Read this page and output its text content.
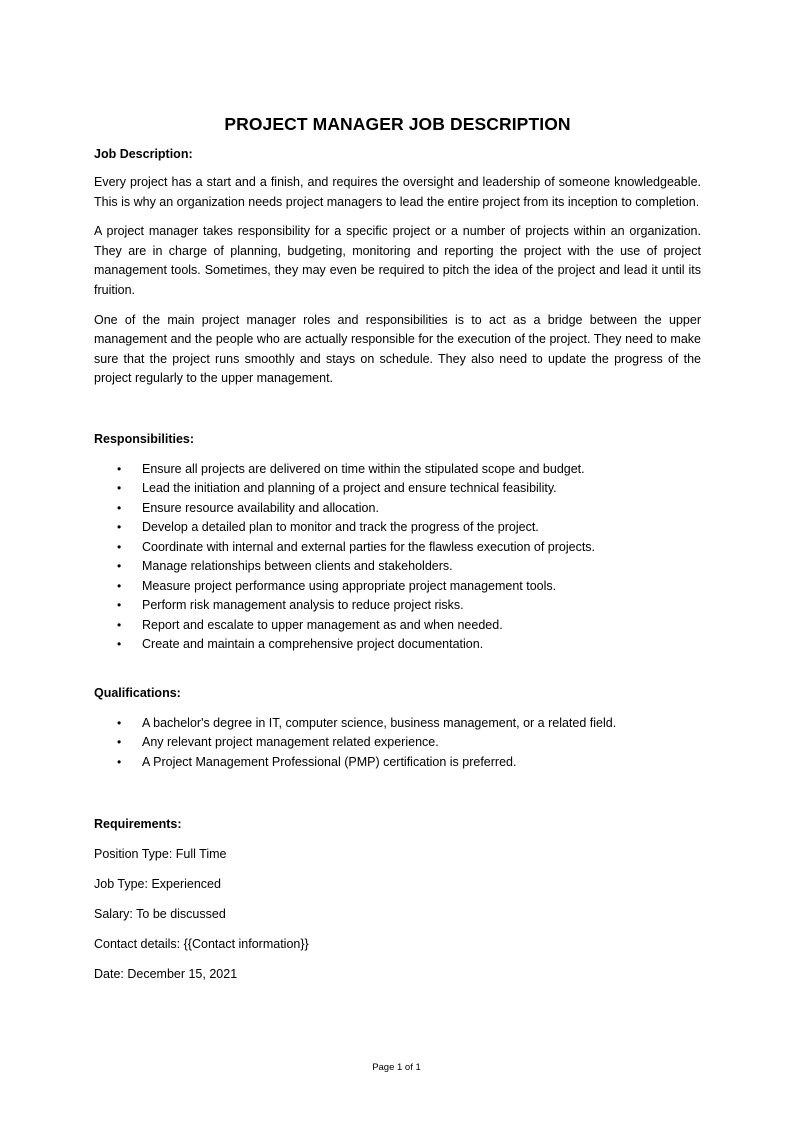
PROJECT MANAGER JOB DESCRIPTION
Job Description:

Every project has a start and a finish, and requires the oversight and leadership of someone knowledgeable. This is why an organization needs project managers to lead the entire project from its inception to completion.

A project manager takes responsibility for a specific project or a number of projects within an organization. They are in charge of planning, budgeting, monitoring and reporting the project with the use of project management tools. Sometimes, they may even be required to pitch the idea of the project and lead it until its fruition.

One of the main project manager roles and responsibilities is to act as a bridge between the upper management and the people who are actually responsible for the execution of the project. They need to make sure that the project runs smoothly and stays on schedule. They also need to update the progress of the project regularly to the upper management.

Responsibilities:
• Ensure all projects are delivered on time within the stipulated scope and budget.
• Lead the initiation and planning of a project and ensure technical feasibility.
• Ensure resource availability and allocation.
• Develop a detailed plan to monitor and track the progress of the project.
• Coordinate with internal and external parties for the flawless execution of projects.
• Manage relationships between clients and stakeholders.
• Measure project performance using appropriate project management tools.
• Perform risk management analysis to reduce project risks.
• Report and escalate to upper management as and when needed.
• Create and maintain a comprehensive project documentation.
Qualifications:
• A bachelor's degree in IT, computer science, business management, or a related field.
• Any relevant project management related experience.
• A Project Management Professional (PMP) certification is preferred.
Requirements:

Position Type: Full Time

Job Type: Experienced

Salary: To be discussed

Contact details: {{Contact information}}

Date: December 15, 2021

Page 1 of 1
